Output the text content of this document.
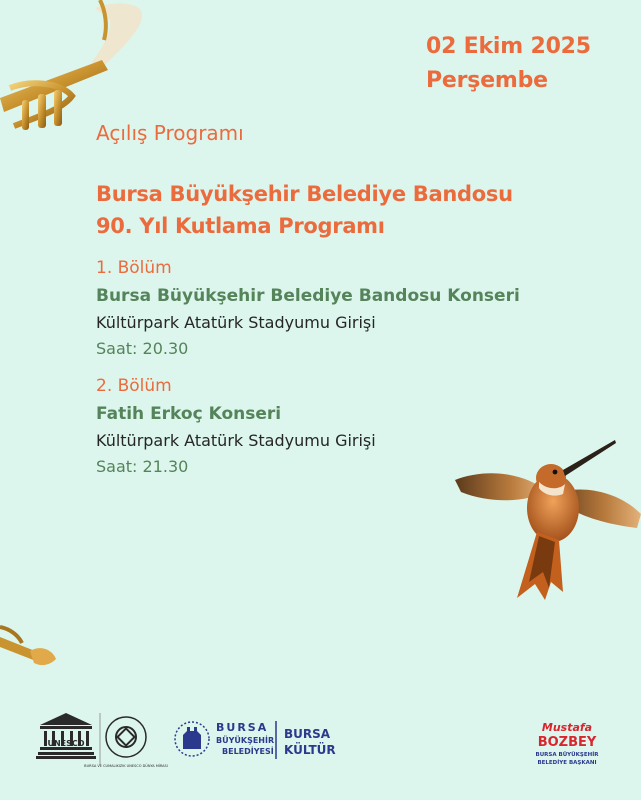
02 Ekim 2025
Perşembe
Açılış Programı
Bursa Büyükşehir Belediye Bandosu
90. Yıl Kutlama Programı
1. Bölüm
Bursa Büyükşehir Belediye Bandosu Konseri
Kültürpark Atatürk Stadyumu Girişi
Saat: 20.30
2. Bölüm
Fatih Erkoç Konseri
Kültürpark Atatürk Stadyumu Girişi
Saat: 21.30
UNESCO
BURSA VE CUMALIKIZIK UNESCO DÜNYA MİRASI
BURSA
BÜYÜKŞEHİR
BELEDİYESİ
BURSA
KÜLTÜR
Mustafa
BOZBEY
BURSA BÜYÜKŞEHİR
BELEDİYE BAŞKANI
